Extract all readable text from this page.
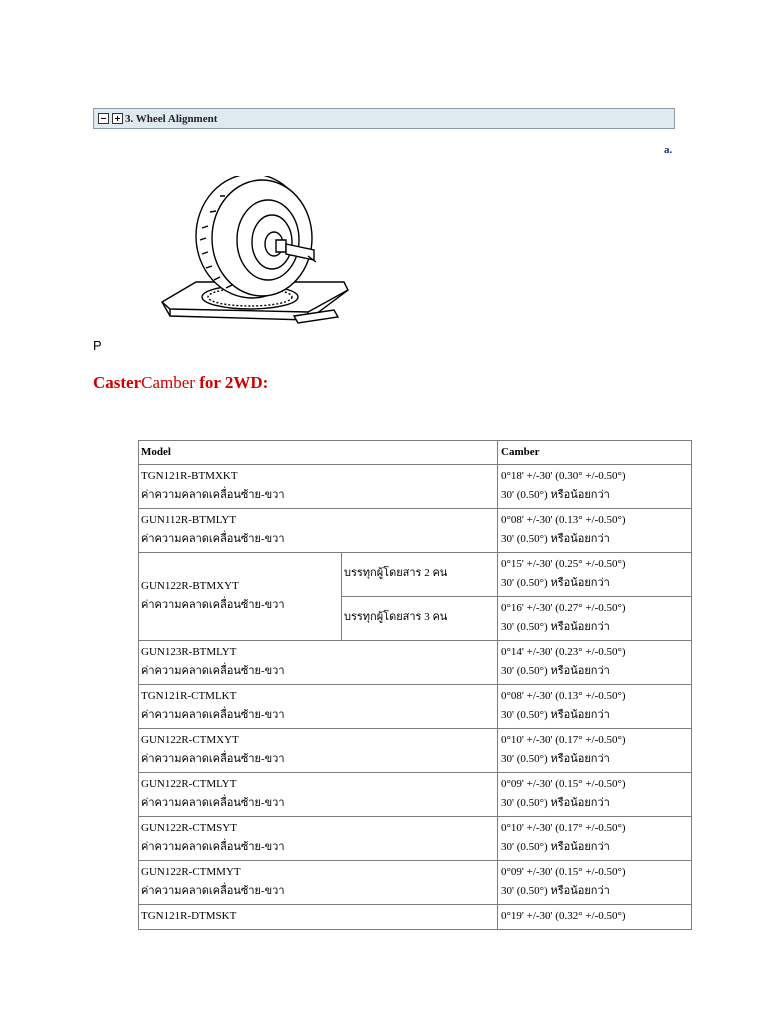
3. Wheel Alignment
a.
P
CasterCamber for 2WD:
Model	Camber
TGN121R-BTMXKT
ค่าความคลาดเคลื่อนซ้าย-ขวา
0°18' +/-30' (0.30° +/-0.50°)
30' (0.50°) หรือน้อยกว่า
GUN112R-BTMLYT
ค่าความคลาดเคลื่อนซ้าย-ขวา
0°08' +/-30' (0.13° +/-0.50°)
30' (0.50°) หรือน้อยกว่า
GUN122R-BTMXYT
ค่าความคลาดเคลื่อนซ้าย-ขวา
บรรทุกผู้โดยสาร 2 คน
0°15' +/-30' (0.25° +/-0.50°)
30' (0.50°) หรือน้อยกว่า
บรรทุกผู้โดยสาร 3 คน
0°16' +/-30' (0.27° +/-0.50°)
30' (0.50°) หรือน้อยกว่า
GUN123R-BTMLYT
ค่าความคลาดเคลื่อนซ้าย-ขวา
0°14' +/-30' (0.23° +/-0.50°)
30' (0.50°) หรือน้อยกว่า
TGN121R-CTMLKT
ค่าความคลาดเคลื่อนซ้าย-ขวา
0°08' +/-30' (0.13° +/-0.50°)
30' (0.50°) หรือน้อยกว่า
GUN122R-CTMXYT
ค่าความคลาดเคลื่อนซ้าย-ขวา
0°10' +/-30' (0.17° +/-0.50°)
30' (0.50°) หรือน้อยกว่า
GUN122R-CTMLYT
ค่าความคลาดเคลื่อนซ้าย-ขวา
0°09' +/-30' (0.15° +/-0.50°)
30' (0.50°) หรือน้อยกว่า
GUN122R-CTMSYT
ค่าความคลาดเคลื่อนซ้าย-ขวา
0°10' +/-30' (0.17° +/-0.50°)
30' (0.50°) หรือน้อยกว่า
GUN122R-CTMMYT
ค่าความคลาดเคลื่อนซ้าย-ขวา
0°09' +/-30' (0.15° +/-0.50°)
30' (0.50°) หรือน้อยกว่า
TGN121R-DTMSKT	0°19' +/-30' (0.32° +/-0.50°)
